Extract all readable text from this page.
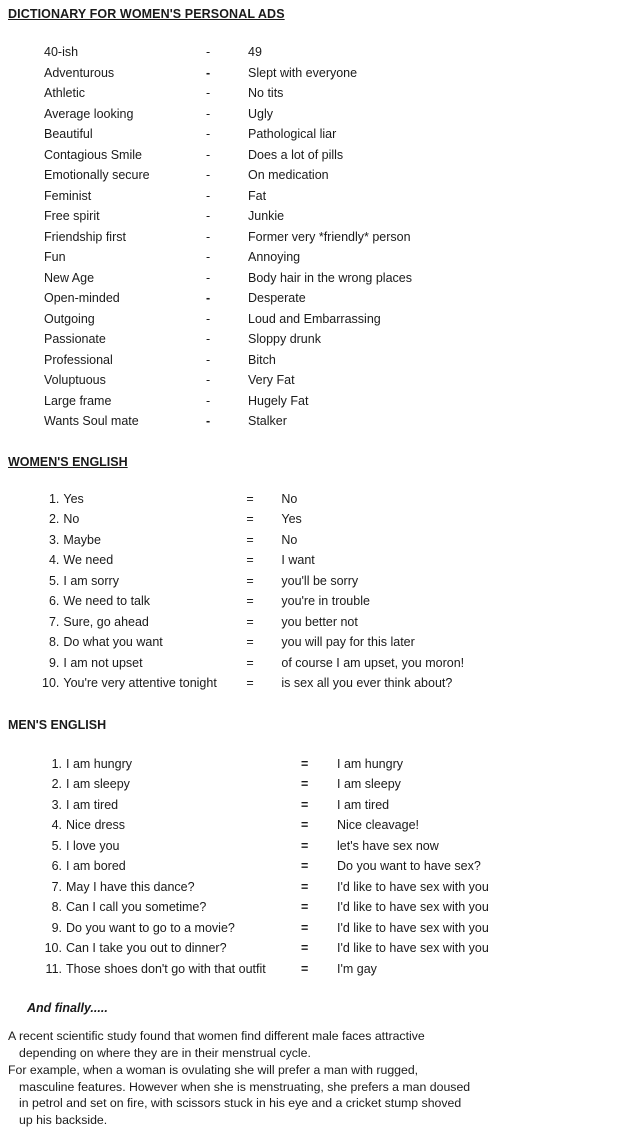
DICTIONARY FOR WOMEN'S PERSONAL ADS
40-ish	-	49
Adventurous	-	Slept with everyone
Athletic	-	No tits
Average looking	-	Ugly
Beautiful	-	Pathological liar
Contagious Smile	-	Does a lot of pills
Emotionally secure	-	On medication
Feminist	-	Fat
Free spirit	-	Junkie
Friendship first	-	Former very *friendly* person
Fun	-	Annoying
New Age	-	Body hair in the wrong places
Open-minded	-	Desperate
Outgoing	-	Loud and Embarrassing
Passionate	-	Sloppy drunk
Professional	-	Bitch
Voluptuous	-	Very Fat
Large frame	-	Hugely Fat
Wants Soul mate	-	Stalker
WOMEN'S ENGLISH
1.	Yes	=	No
2.	No	=	Yes
3.	Maybe	=	No
4.	We need	=	I want
5.	I am sorry	=	you'll be sorry
6.	We need to talk	=	you're in trouble
7.	Sure, go ahead	=	you better not
8.	Do what you want	=	you will pay for this later
9.	I am not upset	=	of course I am upset, you moron!
10.	You're very attentive tonight	=	is sex all you ever think about?
MEN'S ENGLISH
1.	I am hungry	=	I am hungry
2.	I am sleepy	=	I am sleepy
3.	I am tired	=	I am tired
4.	Nice dress	=	Nice cleavage!
5.	I love you	=	let's have sex now
6.	I am bored	=	Do you want to have sex?
7.	May I have this dance?	=	I'd like to have sex with you
8.	Can I call you sometime?	=	I'd like to have sex with you
9.	Do you want to go to a movie?	=	I'd like to have sex with you
10.	Can I take you out to dinner?	=	I'd like to have sex with you
11.	Those shoes don't go with that outfit	=	I'm gay
And finally.....

A recent scientific study found that women find different male faces attractive
depending on where they are in their menstrual cycle.

For example, when a woman is ovulating she will prefer a man with rugged,
masculine features. However when she is menstruating, she prefers a man doused
in petrol and set on fire, with scissors stuck in his eye and a cricket stump shoved
up his backside.
